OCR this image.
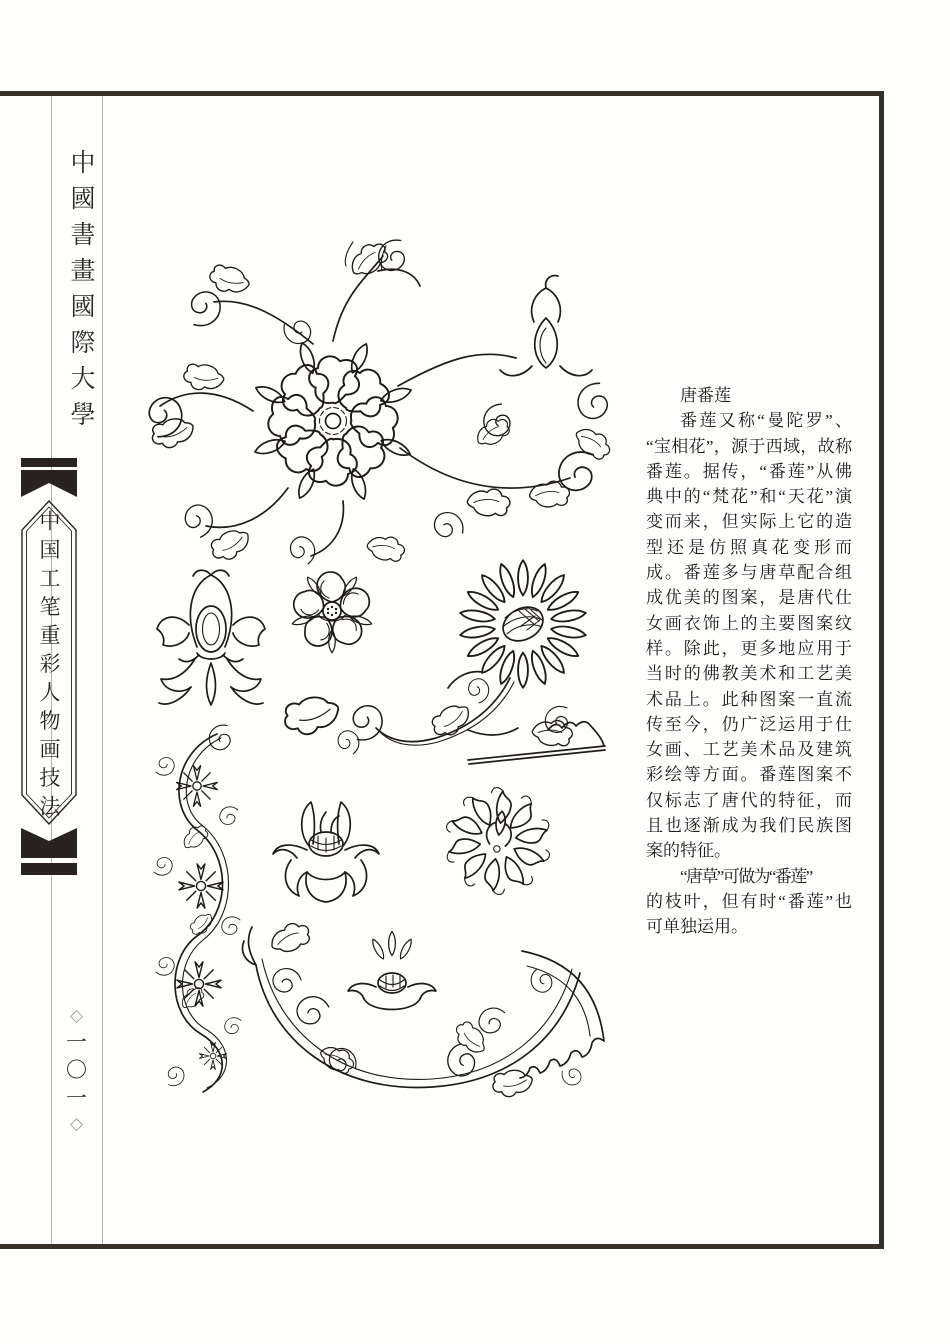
中國書畫國際大學
中国工笔重彩人物画技法
◇
一
〇
一
◇
唐番莲
番莲又称“曼陀罗”、
“宝相花”，源于西域，故称
番莲。据传，“番莲”从佛
典中的“梵花”和“天花”演
变而来，但实际上它的造
型还是仿照真花变形而
成。番莲多与唐草配合组
成优美的图案，是唐代仕
女画衣饰上的主要图案纹
样。除此，更多地应用于
当时的佛教美术和工艺美
术品上。此种图案一直流
传至今，仍广泛运用于仕
女画、工艺美术品及建筑
彩绘等方面。番莲图案不
仅标志了唐代的特征，而
且也逐渐成为我们民族图
案的特征。
“唐草”可做为“番莲”
的枝叶，但有时“番莲”也
可单独运用。
